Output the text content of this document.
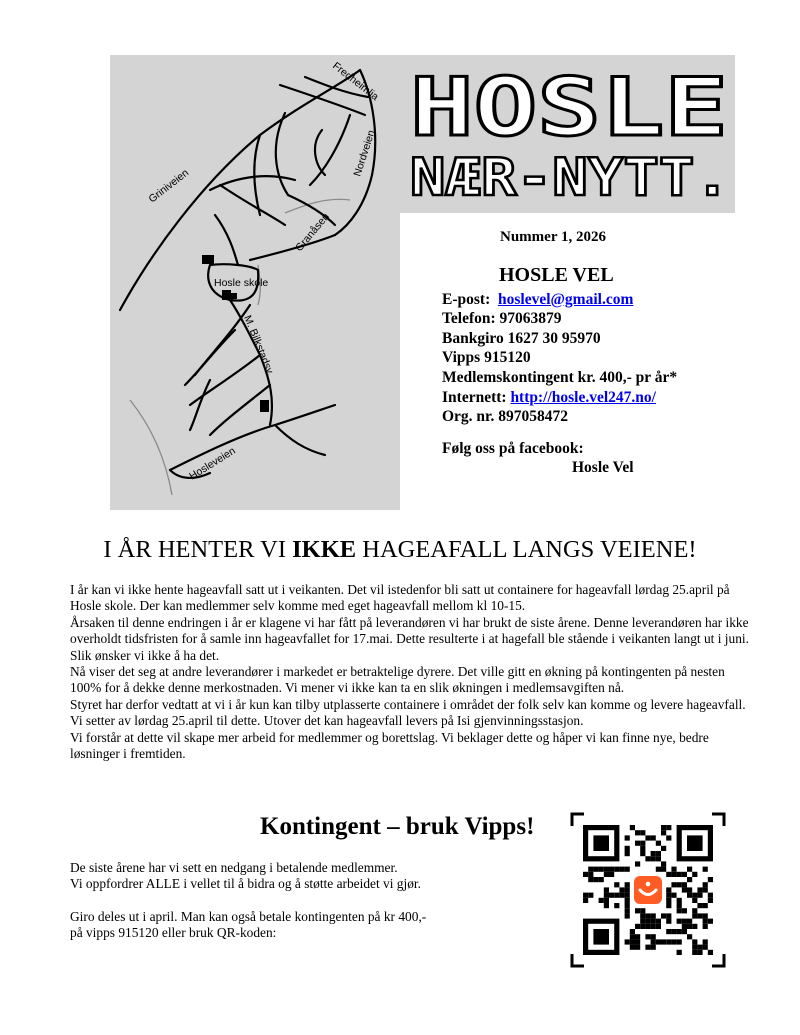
HOSLE
NÆR-NYTT.
Fredheimlia
Nordveien
Griniveien
Granåsen
Hosle skole
M. Bilkstadsv.
Hosleveien
Nummer 1, 2026
HOSLE VEL
E-post: hoslevel@gmail.com
Telefon: 97063879
Bankgiro 1627 30 95970
Vipps 915120
Medlemskontingent kr. 400,- pr år*
Internett: http://hosle.vel247.no/
Org. nr. 897058472
Følg oss på facebook:
Hosle Vel
I ÅR HENTER VI IKKE HAGEAFALL LANGS VEIENE!

I år kan vi ikke hente hageavfall satt ut i veikanten. Det vil istedenfor bli satt ut containere for hageavfall lørdag 25.april på Hosle skole. Der kan medlemmer selv komme med eget hageavfall mellom kl 10-15.

Årsaken til denne endringen i år er klagene vi har fått på leverandøren vi har brukt de siste årene. Denne leverandøren har ikke overholdt tidsfristen for å samle inn hageavfallet for 17.mai. Dette resulterte i at hagefall ble stående i veikanten langt ut i juni. Slik ønsker vi ikke å ha det.

Nå viser det seg at andre leverandører i markedet er betraktelige dyrere. Det ville gitt en økning på kontingenten på nesten 100% for å dekke denne merkostnaden. Vi mener vi ikke kan ta en slik økningen i medlemsavgiften nå.

Styret har derfor vedtatt at vi i år kun kan tilby utplasserte containere i området der folk selv kan komme og levere hageavfall. Vi setter av lørdag 25.april til dette. Utover det kan hageavfall levers på Isi gjenvinningsstasjon.

Vi forstår at dette vil skape mer arbeid for medlemmer og borettslag. Vi beklager dette og håper vi kan finne nye, bedre løsninger i fremtiden.

Kontingent – bruk Vipps!

De siste årene har vi sett en nedgang i betalende medlemmer.

Vi oppfordrer ALLE i vellet til å bidra og å støtte arbeidet vi gjør.

Giro deles ut i april. Man kan også betale kontingenten på kr 400,-

på vipps 915120 eller bruk QR-koden:
